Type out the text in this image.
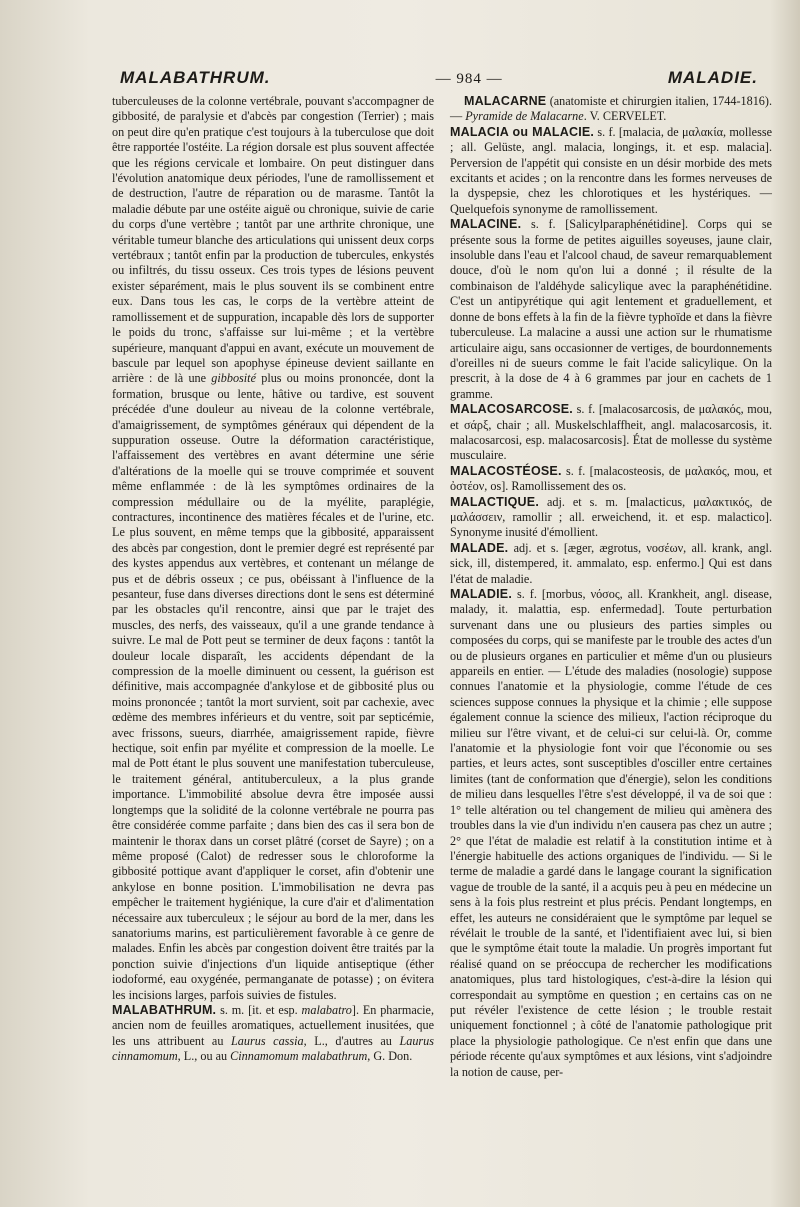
MALABATHRUM.	— 984 —	MALADIE.

tuberculeuses de la colonne vertébrale, pouvant s'accompagner de gibbosité, de paralysie et d'abcès par congestion (Terrier) ; mais on peut dire qu'en pratique c'est toujours à la tuberculose que doit être rapportée l'ostéite. La région dorsale est plus souvent affectée que les régions cervicale et lombaire. On peut distinguer dans l'évolution anatomique deux périodes, l'une de ramollissement et de destruction, l'autre de réparation ou de marasme. Tantôt la maladie débute par une ostéite aiguë ou chronique, suivie de carie du corps d'une vertèbre ; tantôt par une arthrite chronique, une véritable tumeur blanche des articulations qui unissent deux corps vertébraux ; tantôt enfin par la production de tubercules, enkystés ou infiltrés, du tissu osseux. Ces trois types de lésions peuvent exister séparément, mais le plus souvent ils se combinent entre eux. Dans tous les cas, le corps de la vertèbre atteint de ramollissement et de suppuration, incapable dès lors de supporter le poids du tronc, s'affaisse sur lui-même ; et la vertèbre supérieure, manquant d'appui en avant, exécute un mouvement de bascule par lequel son apophyse épineuse devient saillante en arrière : de là une gibbosité plus ou moins prononcée, dont la formation, brusque ou lente, hâtive ou tardive, est souvent précédée d'une douleur au niveau de la colonne vertébrale, d'amaigrissement, de symptômes généraux qui dépendent de la suppuration osseuse. Outre la déformation caractéristique, l'affaissement des vertèbres en avant détermine une série d'altérations de la moelle qui se trouve comprimée et souvent même enflammée : de là les symptômes ordinaires de la compression médullaire ou de la myélite, paraplégie, contractures, incontinence des matières fécales et de l'urine, etc. Le plus souvent, en même temps que la gibbosité, apparaissent des abcès par congestion, dont le premier degré est représenté par des kystes appendus aux vertèbres, et contenant un mélange de pus et de débris osseux ; ce pus, obéissant à l'influence de la pesanteur, fuse dans diverses directions dont le sens est déterminé par les obstacles qu'il rencontre, ainsi que par le trajet des muscles, des nerfs, des vaisseaux, qu'il a une grande tendance à suivre. Le mal de Pott peut se terminer de deux façons : tantôt la douleur locale disparaît, les accidents dépendant de la compression de la moelle diminuent ou cessent, la guérison est définitive, mais accompagnée d'ankylose et de gibbosité plus ou moins prononcée ; tantôt la mort survient, soit par cachexie, avec œdème des membres inférieurs et du ventre, soit par septicémie, avec frissons, sueurs, diarrhée, amaigrissement rapide, fièvre hectique, soit enfin par myélite et compression de la moelle. Le mal de Pott étant le plus souvent une manifestation tuberculeuse, le traitement général, antituberculeux, a la plus grande importance. L'immobilité absolue devra être imposée aussi longtemps que la solidité de la colonne vertébrale ne pourra pas être considérée comme parfaite ; dans bien des cas il sera bon de maintenir le thorax dans un corset plâtré (corset de Sayre) ; on a même proposé (Calot) de redresser sous le chloroforme la gibbosité pottique avant d'appliquer le corset, afin d'obtenir une ankylose en bonne position. L'immobilisation ne devra pas empêcher le traitement hygiénique, la cure d'air et d'alimentation nécessaire aux tuberculeux ; le séjour au bord de la mer, dans les sanatoriums marins, est particulièrement favorable à ce genre de malades. Enfin les abcès par congestion doivent être traités par la ponction suivie d'injections d'un liquide antiseptique (éther iodoformé, eau oxygénée, permanganate de potasse) ; on évitera les incisions larges, parfois suivies de fistules.

MALABATHRUM. s. m. [it. et esp. malabatro]. En pharmacie, ancien nom de feuilles aromatiques, actuellement inusitées, que les uns attribuent au Laurus cassia, L., d'autres au Laurus cinnamomum, L., ou au Cinnamomum malabathrum, G. Don.

MALACARNE (anatomiste et chirurgien italien, 1744-1816). — Pyramide de Malacarne. V. CERVELET.

MALACIA ou MALACIE. s. f. [malacia, de μαλακία, mollesse ; all. Gelüste, angl. malacia, longings, it. et esp. malacia]. Perversion de l'appétit qui consiste en un désir morbide des mets excitants et acides ; on la rencontre dans les formes nerveuses de la dyspepsie, chez les chlorotiques et les hystériques. — Quelquefois synonyme de ramollissement.

MALACINE. s. f. [Salicylparaphénétidine]. Corps qui se présente sous la forme de petites aiguilles soyeuses, jaune clair, insoluble dans l'eau et l'alcool chaud, de saveur remarquablement douce, d'où le nom qu'on lui a donné ; il résulte de la combinaison de l'aldéhyde salicylique avec la paraphénétidine. C'est un antipyrétique qui agit lentement et graduellement, et donne de bons effets à la fin de la fièvre typhoïde et dans la fièvre tuberculeuse. La malacine a aussi une action sur le rhumatisme articulaire aigu, sans occasionner de vertiges, de bourdonnements d'oreilles ni de sueurs comme le fait l'acide salicylique. On la prescrit, à la dose de 4 à 6 grammes par jour en cachets de 1 gramme.

MALACOSARCOSE. s. f. [malacosarcosis, de μαλακός, mou, et σάρξ, chair ; all. Muskelschlaffheit, angl. malacosarcosis, it. malacosarcosi, esp. malacosarcosis]. État de mollesse du système musculaire.

MALACOSTÉOSE. s. f. [malacosteosis, de μαλακός, mou, et ὀστέον, os]. Ramollissement des os.

MALACTIQUE. adj. et s. m. [malacticus, μαλακτικός, de μαλάσσειν, ramollir ; all. erweichend, it. et esp. malactico]. Synonyme inusité d'émollient.

MALADE. adj. et s. [æger, ægrotus, νοσέων, all. krank, angl. sick, ill, distempered, it. ammalato, esp. enfermo.] Qui est dans l'état de maladie.

MALADIE. s. f. [morbus, νόσος, all. Krankheit, angl. disease, malady, it. malattia, esp. enfermedad]. Toute perturbation survenant dans une ou plusieurs des parties simples ou composées du corps, qui se manifeste par le trouble des actes d'un ou de plusieurs organes en particulier et même d'un ou plusieurs appareils en entier. — L'étude des maladies (nosologie) suppose connues l'anatomie et la physiologie, comme l'étude de ces sciences suppose connues la physique et la chimie ; elle suppose également connue la science des milieux, l'action réciproque du milieu sur l'être vivant, et de celui-ci sur celui-là. Or, comme l'anatomie et la physiologie font voir que l'économie ou ses parties, et leurs actes, sont susceptibles d'osciller entre certaines limites (tant de conformation que d'énergie), selon les conditions de milieu dans lesquelles l'être s'est développé, il va de soi que : 1° telle altération ou tel changement de milieu qui amènera des troubles dans la vie d'un individu n'en causera pas chez un autre ; 2° que l'état de maladie est relatif à la constitution intime et à l'énergie habituelle des actions organiques de l'individu. — Si le terme de maladie a gardé dans le langage courant la signification vague de trouble de la santé, il a acquis peu à peu en médecine un sens à la fois plus restreint et plus précis. Pendant longtemps, en effet, les auteurs ne considéraient que le symptôme par lequel se révélait le trouble de la santé, et l'identifiaient avec lui, si bien que le symptôme était toute la maladie. Un progrès important fut réalisé quand on se préoccupa de rechercher les modifications anatomiques, plus tard histologiques, c'est-à-dire la lésion qui correspondait au symptôme en question ; en certains cas on ne put révéler l'existence de cette lésion ; le trouble restait uniquement fonctionnel ; à côté de l'anatomie pathologique prit place la physiologie pathologique. Ce n'est enfin que dans une période récente qu'aux symptômes et aux lésions, vint s'adjoindre la notion de cause, per-
